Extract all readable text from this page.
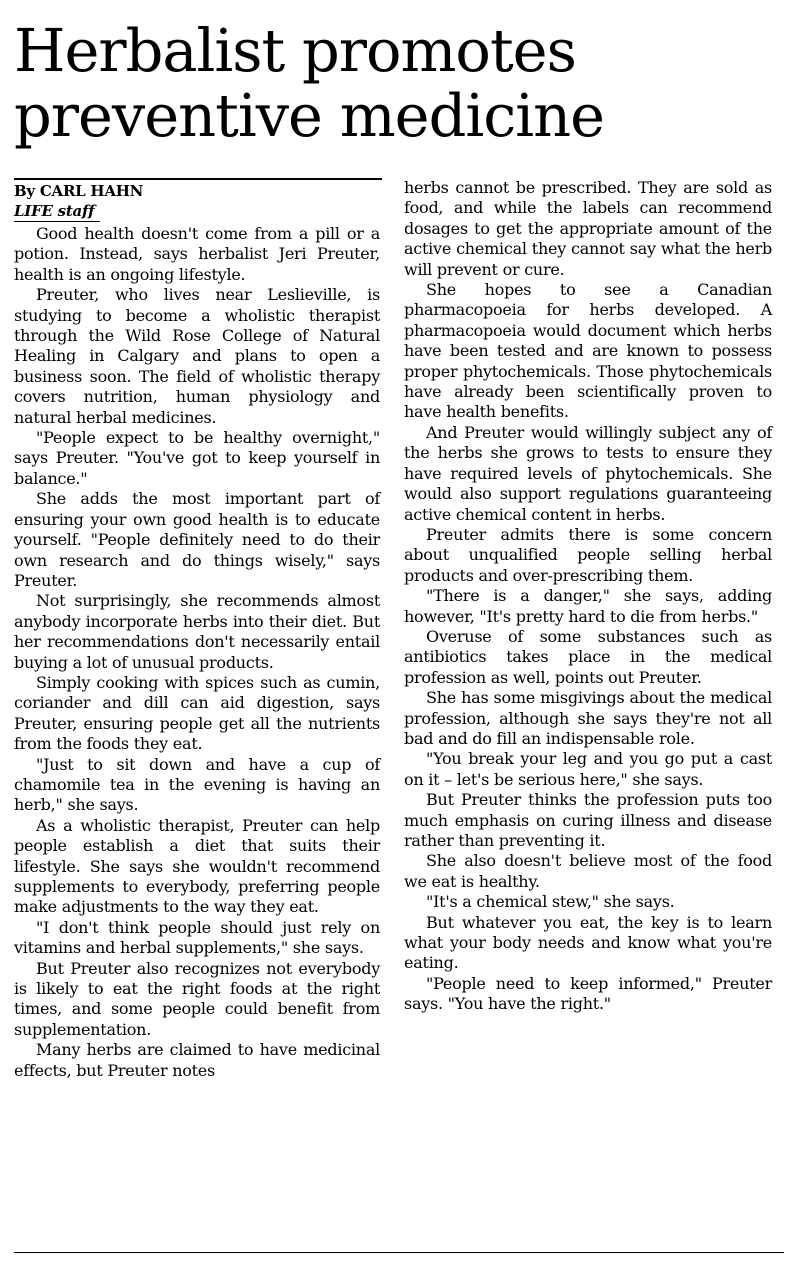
Herbalist promotes preventive medicine

By CARL HAHN

LIFE staff

Good health doesn't come from a pill or a potion. Instead, says herbalist Jeri Preuter, health is an ongoing lifestyle.

Preuter, who lives near Leslieville, is studying to become a wholistic therapist through the Wild Rose College of Natural Healing in Calgary and plans to open a business soon. The field of wholistic therapy covers nutrition, human physiology and natural herbal medicines.

"People expect to be healthy overnight," says Preuter. "You've got to keep yourself in balance."

She adds the most important part of ensuring your own good health is to educate yourself. "People definitely need to do their own research and do things wisely," says Preuter.

Not surprisingly, she recommends almost anybody incorporate herbs into their diet. But her recommendations don't necessarily entail buying a lot of unusual products.

Simply cooking with spices such as cumin, coriander and dill can aid digestion, says Preuter, ensuring people get all the nutrients from the foods they eat.

"Just to sit down and have a cup of chamomile tea in the evening is having an herb," she says.

As a wholistic therapist, Preuter can help people establish a diet that suits their lifestyle. She says she wouldn't recommend supplements to everybody, preferring people make adjustments to the way they eat.

"I don't think people should just rely on vitamins and herbal supplements," she says.

But Preuter also recognizes not everybody is likely to eat the right foods at the right times, and some people could benefit from supplementation.

Many herbs are claimed to have medicinal effects, but Preuter notes

herbs cannot be prescribed. They are sold as food, and while the labels can recommend dosages to get the appropriate amount of the active chemical they cannot say what the herb will prevent or cure.

She hopes to see a Canadian pharmacopoeia for herbs developed. A pharmacopoeia would document which herbs have been tested and are known to possess proper phytochemicals. Those phytochemicals have already been scientifically proven to have health benefits.

And Preuter would willingly subject any of the herbs she grows to tests to ensure they have required levels of phytochemicals. She would also support regulations guaranteeing active chemical content in herbs.

Preuter admits there is some concern about unqualified people selling herbal products and over-prescribing them.

"There is a danger," she says, adding however, "It's pretty hard to die from herbs."

Overuse of some substances such as antibiotics takes place in the medical profession as well, points out Preuter.

She has some misgivings about the medical profession, although she says they're not all bad and do fill an indispensable role.

"You break your leg and you go put a cast on it – let's be serious here," she says.

But Preuter thinks the profession puts too much emphasis on curing illness and disease rather than preventing it.

She also doesn't believe most of the food we eat is healthy.

"It's a chemical stew," she says.

But whatever you eat, the key is to learn what your body needs and know what you're eating.

"People need to keep informed," Preuter says. "You have the right."
